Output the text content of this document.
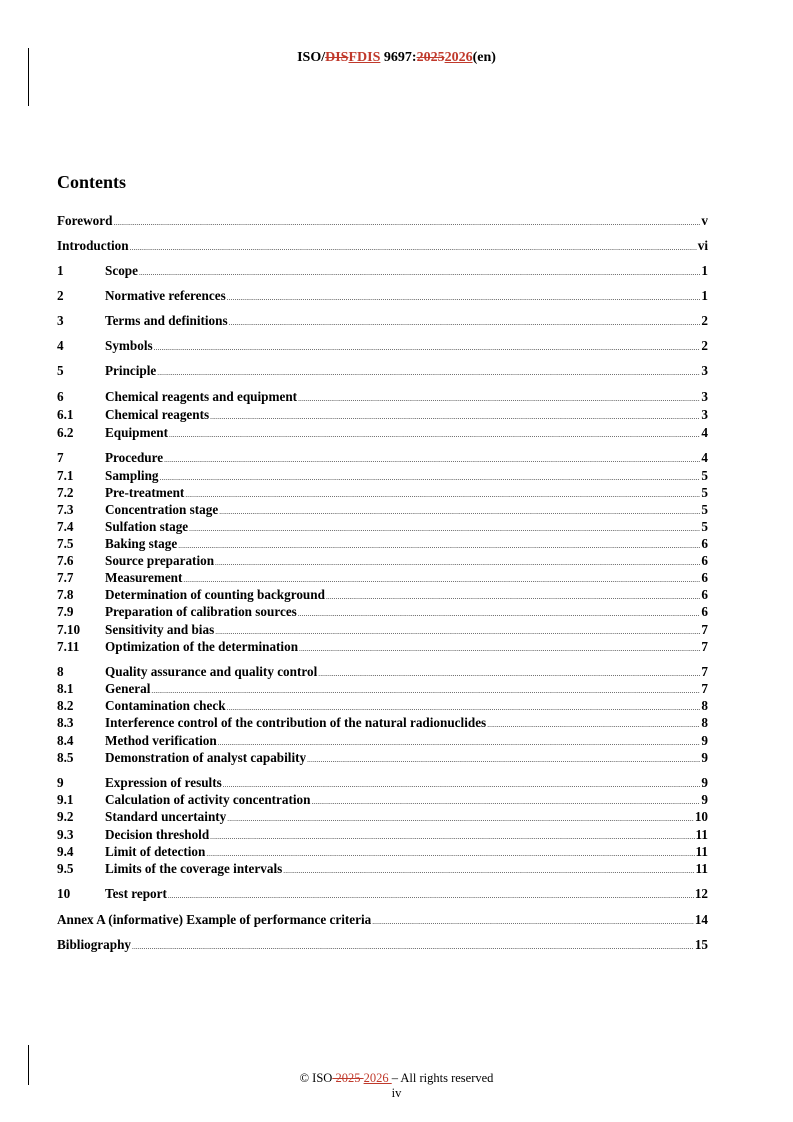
ISO/DISFDIS 9697:20252026(en)
Contents
Foreword .....	v
Introduction .....	vi
1	Scope .....	1
2	Normative references .....	1
3	Terms and definitions .....	2
4	Symbols .....	2
5	Principle .....	3
6	Chemical reagents and equipment .....	3
6.1	Chemical reagents .....	3
6.2	Equipment .....	4
7	Procedure .....	4
7.1	Sampling .....	5
7.2	Pre-treatment .....	5
7.3	Concentration stage .....	5
7.4	Sulfation stage .....	5
7.5	Baking stage .....	6
7.6	Source preparation .....	6
7.7	Measurement .....	6
7.8	Determination of counting background .....	6
7.9	Preparation of calibration sources .....	6
7.10	Sensitivity and bias .....	7
7.11	Optimization of the determination .....	7
8	Quality assurance and quality control .....	7
8.1	General .....	7
8.2	Contamination check .....	8
8.3	Interference control of the contribution of the natural radionuclides .....	8
8.4	Method verification .....	9
8.5	Demonstration of analyst capability .....	9
9	Expression of results .....	9
9.1	Calculation of activity concentration .....	9
9.2	Standard uncertainty .....	10
9.3	Decision threshold .....	11
9.4	Limit of detection .....	11
9.5	Limits of the coverage intervals .....	11
10	Test report .....	12
Annex A (informative) Example of performance criteria .....	14
Bibliography .....	15
© ISO 2025 2026 – All rights reserved
iv
